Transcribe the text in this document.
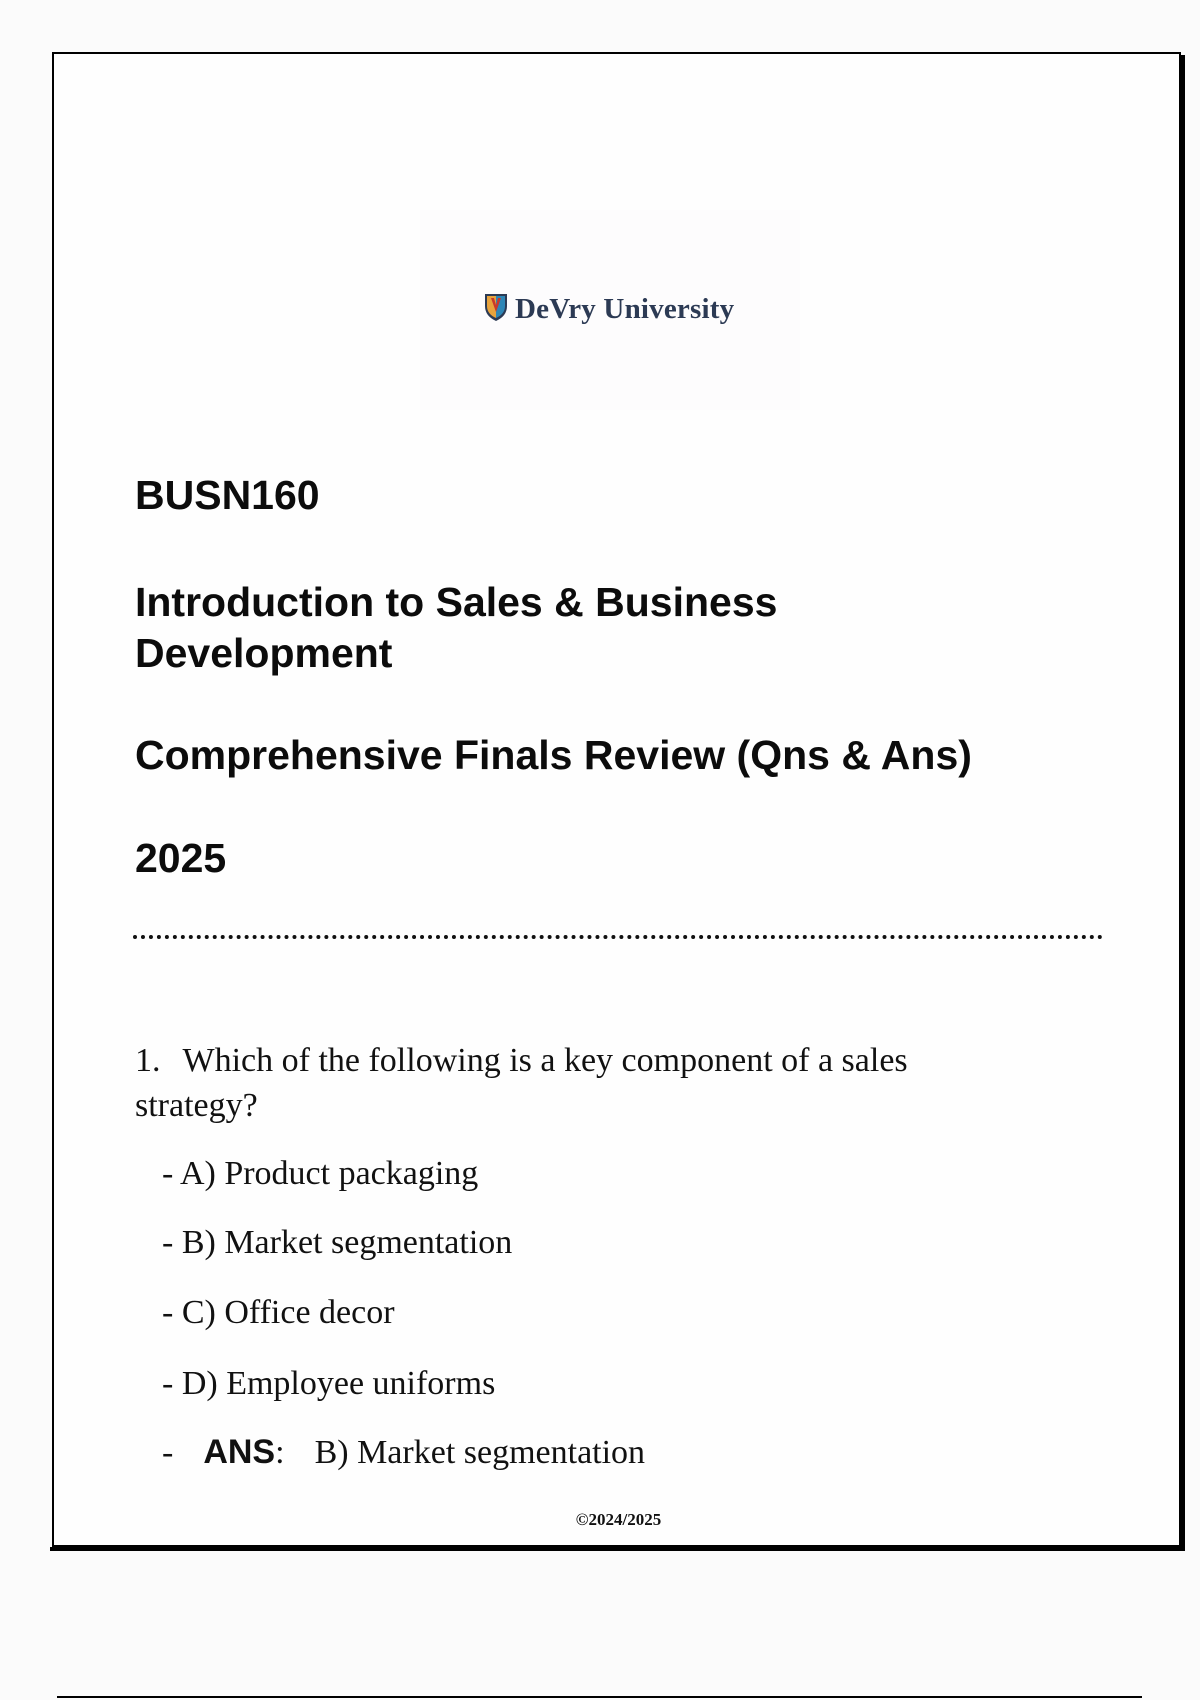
DeVry University
BUSN160
Introduction to Sales & Business Development
Comprehensive Finals Review (Qns & Ans)
2025

1. Which of the following is a key component of a sales strategy?

- A) Product packaging
- B) Market segmentation
- C) Office decor
- D) Employee uniforms
- ANS: B) Market segmentation
©2024/2025
